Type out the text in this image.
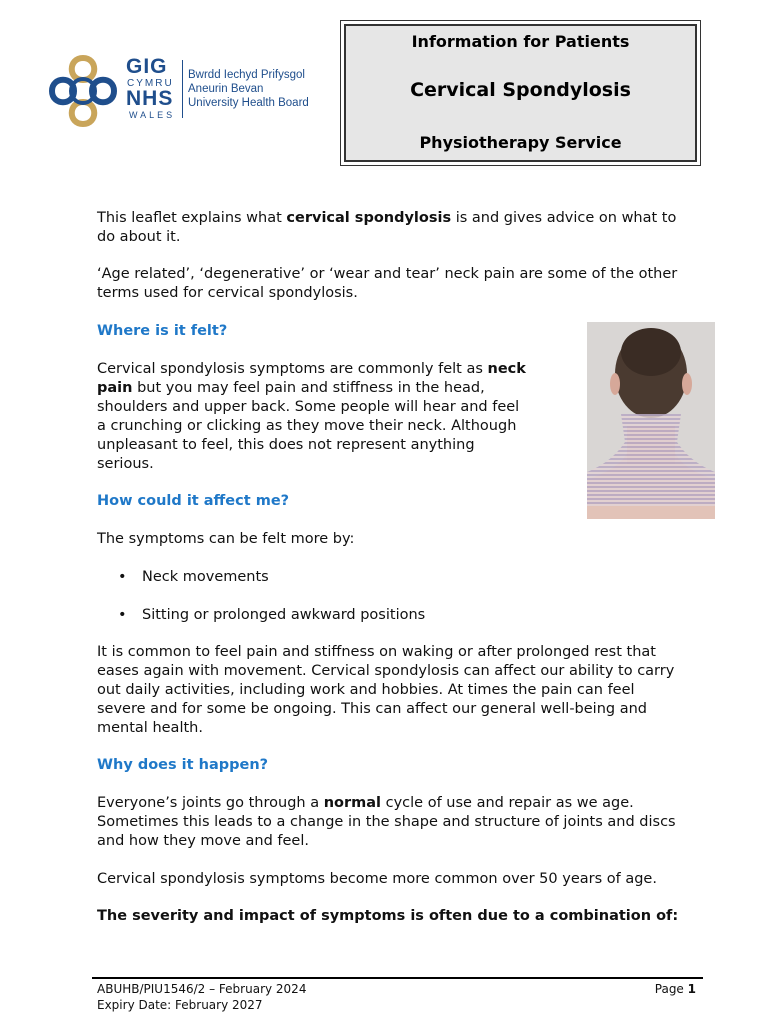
GIG
CYMRU
NHS
WALES
Bwrdd Iechyd Prifysgol
Aneurin Bevan
University Health Board
Information for Patients
Cervical Spondylosis
Physiotherapy Service
This leaflet explains what cervical spondylosis is and gives advice on what to
do about it.
‘Age related’, ‘degenerative’ or ‘wear and tear’ neck pain are some of the other
terms used for cervical spondylosis.
Where is it felt?
Cervical spondylosis symptoms are commonly felt as neck
pain but you may feel pain and stiffness in the head,
shoulders and upper back. Some people will hear and feel
a crunching or clicking as they move their neck. Although
unpleasant to feel, this does not represent anything
serious.
How could it affect me?
The symptoms can be felt more by:
• Neck movements
• Sitting or prolonged awkward positions
It is common to feel pain and stiffness on waking or after prolonged rest that
eases again with movement. Cervical spondylosis can affect our ability to carry
out daily activities, including work and hobbies. At times the pain can feel
severe and for some be ongoing. This can affect our general well-being and
mental health.
Why does it happen?
Everyone’s joints go through a normal cycle of use and repair as we age.
Sometimes this leads to a change in the shape and structure of joints and discs
and how they move and feel.
Cervical spondylosis symptoms become more common over 50 years of age.
The severity and impact of symptoms is often due to a combination of:
ABUHB/PIU1546/2 – February 2024
Expiry Date: February 2027
Page 1
